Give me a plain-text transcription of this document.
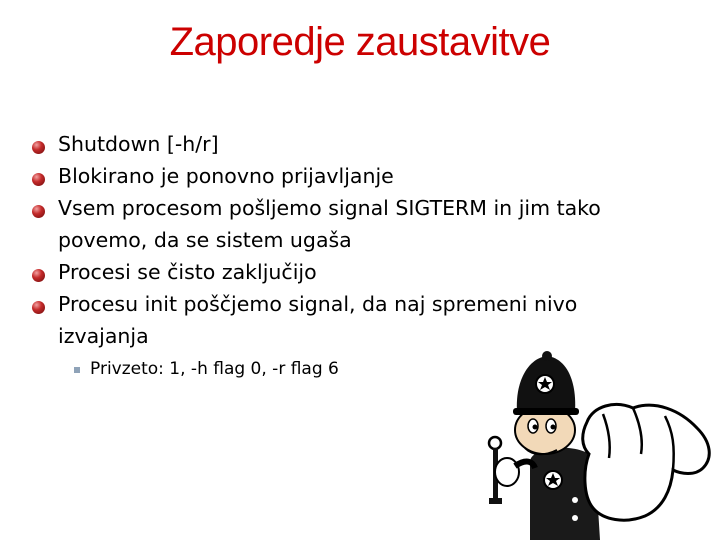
Zaporedje zaustavitve
Shutdown [-h/r]
Blokirano je ponovno prijavljanje
Vsem procesom pošljemo signal SIGTERM in jim tako
povemo, da se sistem ugaša
Procesi se čisto zaključijo
Procesu init poščjemo signal, da naj spremeni nivo
izvajanja
Privzeto: 1, -h flag 0, -r flag 6
